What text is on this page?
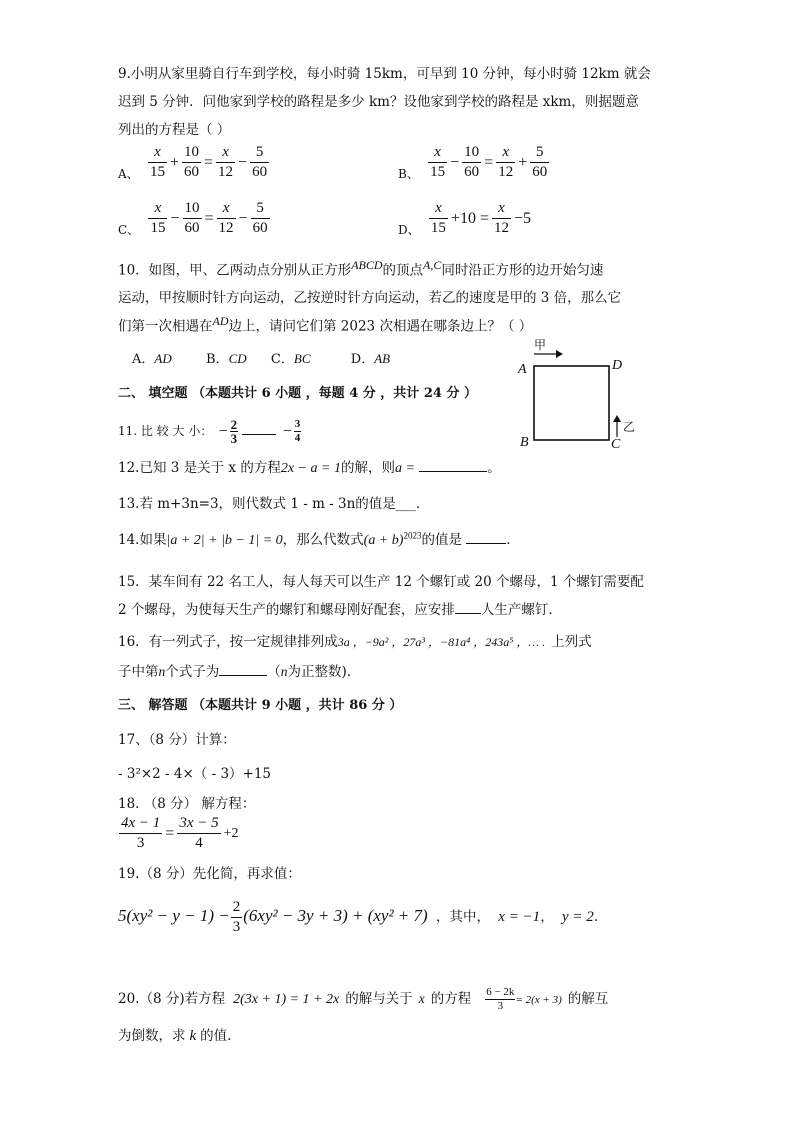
9.小明从家里骑自行车到学校，每小时骑 15km，可早到 10 分钟，每小时骑 12km 就会
迟到 5 分钟．问他家到学校的路程是多少 km？设他家到学校的路程是 xkm，则据题意
列出的方程是（ ）
A、 $\frac{x}{15} + \frac{10}{60} = \frac{x}{12} - \frac{5}{60}$	B、 $\frac{x}{15} - \frac{10}{60} = \frac{x}{12} + \frac{5}{60}$
C、 $\frac{x}{15} - \frac{10}{60} = \frac{x}{12} - \frac{5}{60}$	D、 $\frac{x}{15} +10 = \frac{x}{12} -5$
10．如图，甲、乙两动点分别从正方形ABCD的顶点A,C同时沿正方形的边开始匀速
运动，甲按顺时针方向运动，乙按逆时针方向运动，若乙的速度是甲的 3 倍，那么它
们第一次相遇在AD边上，请问它们第 2023 次相遇在哪条边上？（ ）
A．AD	B．CD C．BC	D．AB
甲
A	D
B	C
乙
二、 填空题 （本题共计 6 小题 ，每题 4 分 ，共计 24 分 ）
11. 比 较 大 小： − $\frac{2}{3}$	− $\frac{3}{4}$
12.已知 3 是关于 x 的方程2x − a = 1的解，则a =	。
13.若 m+3n=3，则代数式 1 - m - 3n的值是___．
14.如果|a + 2| + |b − 1| = 0，那么代数式$(a + b)^{2023}$的值是	．
15．某车间有 22 名工人，每人每天可以生产 12 个螺钉或 20 个螺母，1 个螺钉需要配
2 个螺母，为使每天生产的螺钉和螺母刚好配套，应安排 人生产螺钉．
16．有一列式子，按一定规律排列成3a ，−9a² ，27a³ ，−81a⁴ ，243a⁵ ，… . 上列式
子中第n个式子为	（n为正整数).
三、 解答题 （本题共计 9 小题 ，共计 86 分 ）
17、（8 分）计算：
- 3²×2 - 4×（ - 3）+15
18. （8 分） 解方程：
$\frac{4x - 1}{3} = \frac{3x - 5}{4} +2$
19.（8 分）先化简，再求值：
$5(xy^2 - y - 1) - \frac{2}{3} (6xy^2 - 3y + 3) + (xy^2 + 7)$ ，其中， x = −1， y = 2.
20.（8 分)若方程 2(3x + 1) = 1 + 2x 的解与关于 x 的方程 $\frac{6 - 2k}{3} = 2(x + 3)$ 的解互
为倒数，求 k 的值.
